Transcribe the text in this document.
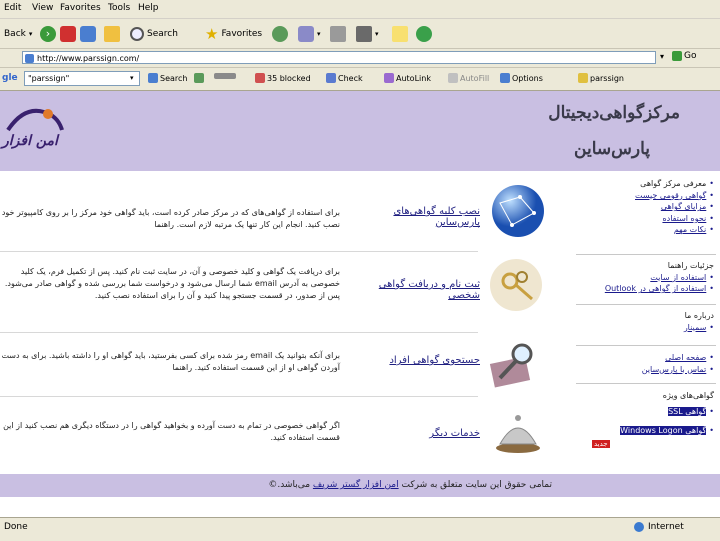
Edit View Favorites Tools Help
Back ▾	›	Search ★ Favorites	▾	▾
http://www.parssign.com/	▾ Go
gle	"parssign"	▾	Search	35 blocked	Check	AutoLink	AutoFill	Options	parssign
مرکزگواهی‌دیجیتال
پارس‌ساین
امن افزار
نصب کلیه گواهی‌های پارس‌ساین
برای استفاده از گواهی‌های که در مرکز صادر کرده است، باید گواهی خود مرکز را بر روی کامپیوتر خود نصب کنید. انجام این کار تنها یک مرتبه لازم است. راهنما
ثبت نام و دریافت گواهی شخصی
برای دریافت یک گواهی و کلید خصوصی و آن، در سایت ثبت نام کنید. پس از تکمیل فرم، یک کلید خصوصی به آدرس email شما ارسال می‌شود و درخواست شما بررسی شده و گواهی صادر می‌شود. پس از صدور، در قسمت جستجو پیدا کنید و آن را برای استفاده نصب کنید.
جستجوی گواهی افراد
برای آنکه بتوانید یک email رمز شده برای کسی بفرستید، باید گواهی او را داشته باشید. برای به دست آوردن گواهی او از این قسمت استفاده کنید. راهنما
خدمات دیگر
اگر گواهی خصوصی در تمام به دست آورده و بخواهید گواهی را در دستگاه دیگری هم نصب کنید از این قسمت استفاده کنید.
•معرفی مرکز گواهی
•گواهی رقومی چیست
•مزایای گواهی
•نحوه استفاده
•نکات مهم
جزئیات راهنما
•استفاده از سایت
•استفاده از گواهی در Outlook
درباره ما
•سمینار
•صفحه اصلی
•تماس با پارس‌ساین
گواهی‌های ویژه
•گواهی SSL
•گواهی Windows Logon
جدید
تمامی حقوق این سایت متعلق به شرکت امن افزار گستر شریف می‌باشد.©
Done	Internet
